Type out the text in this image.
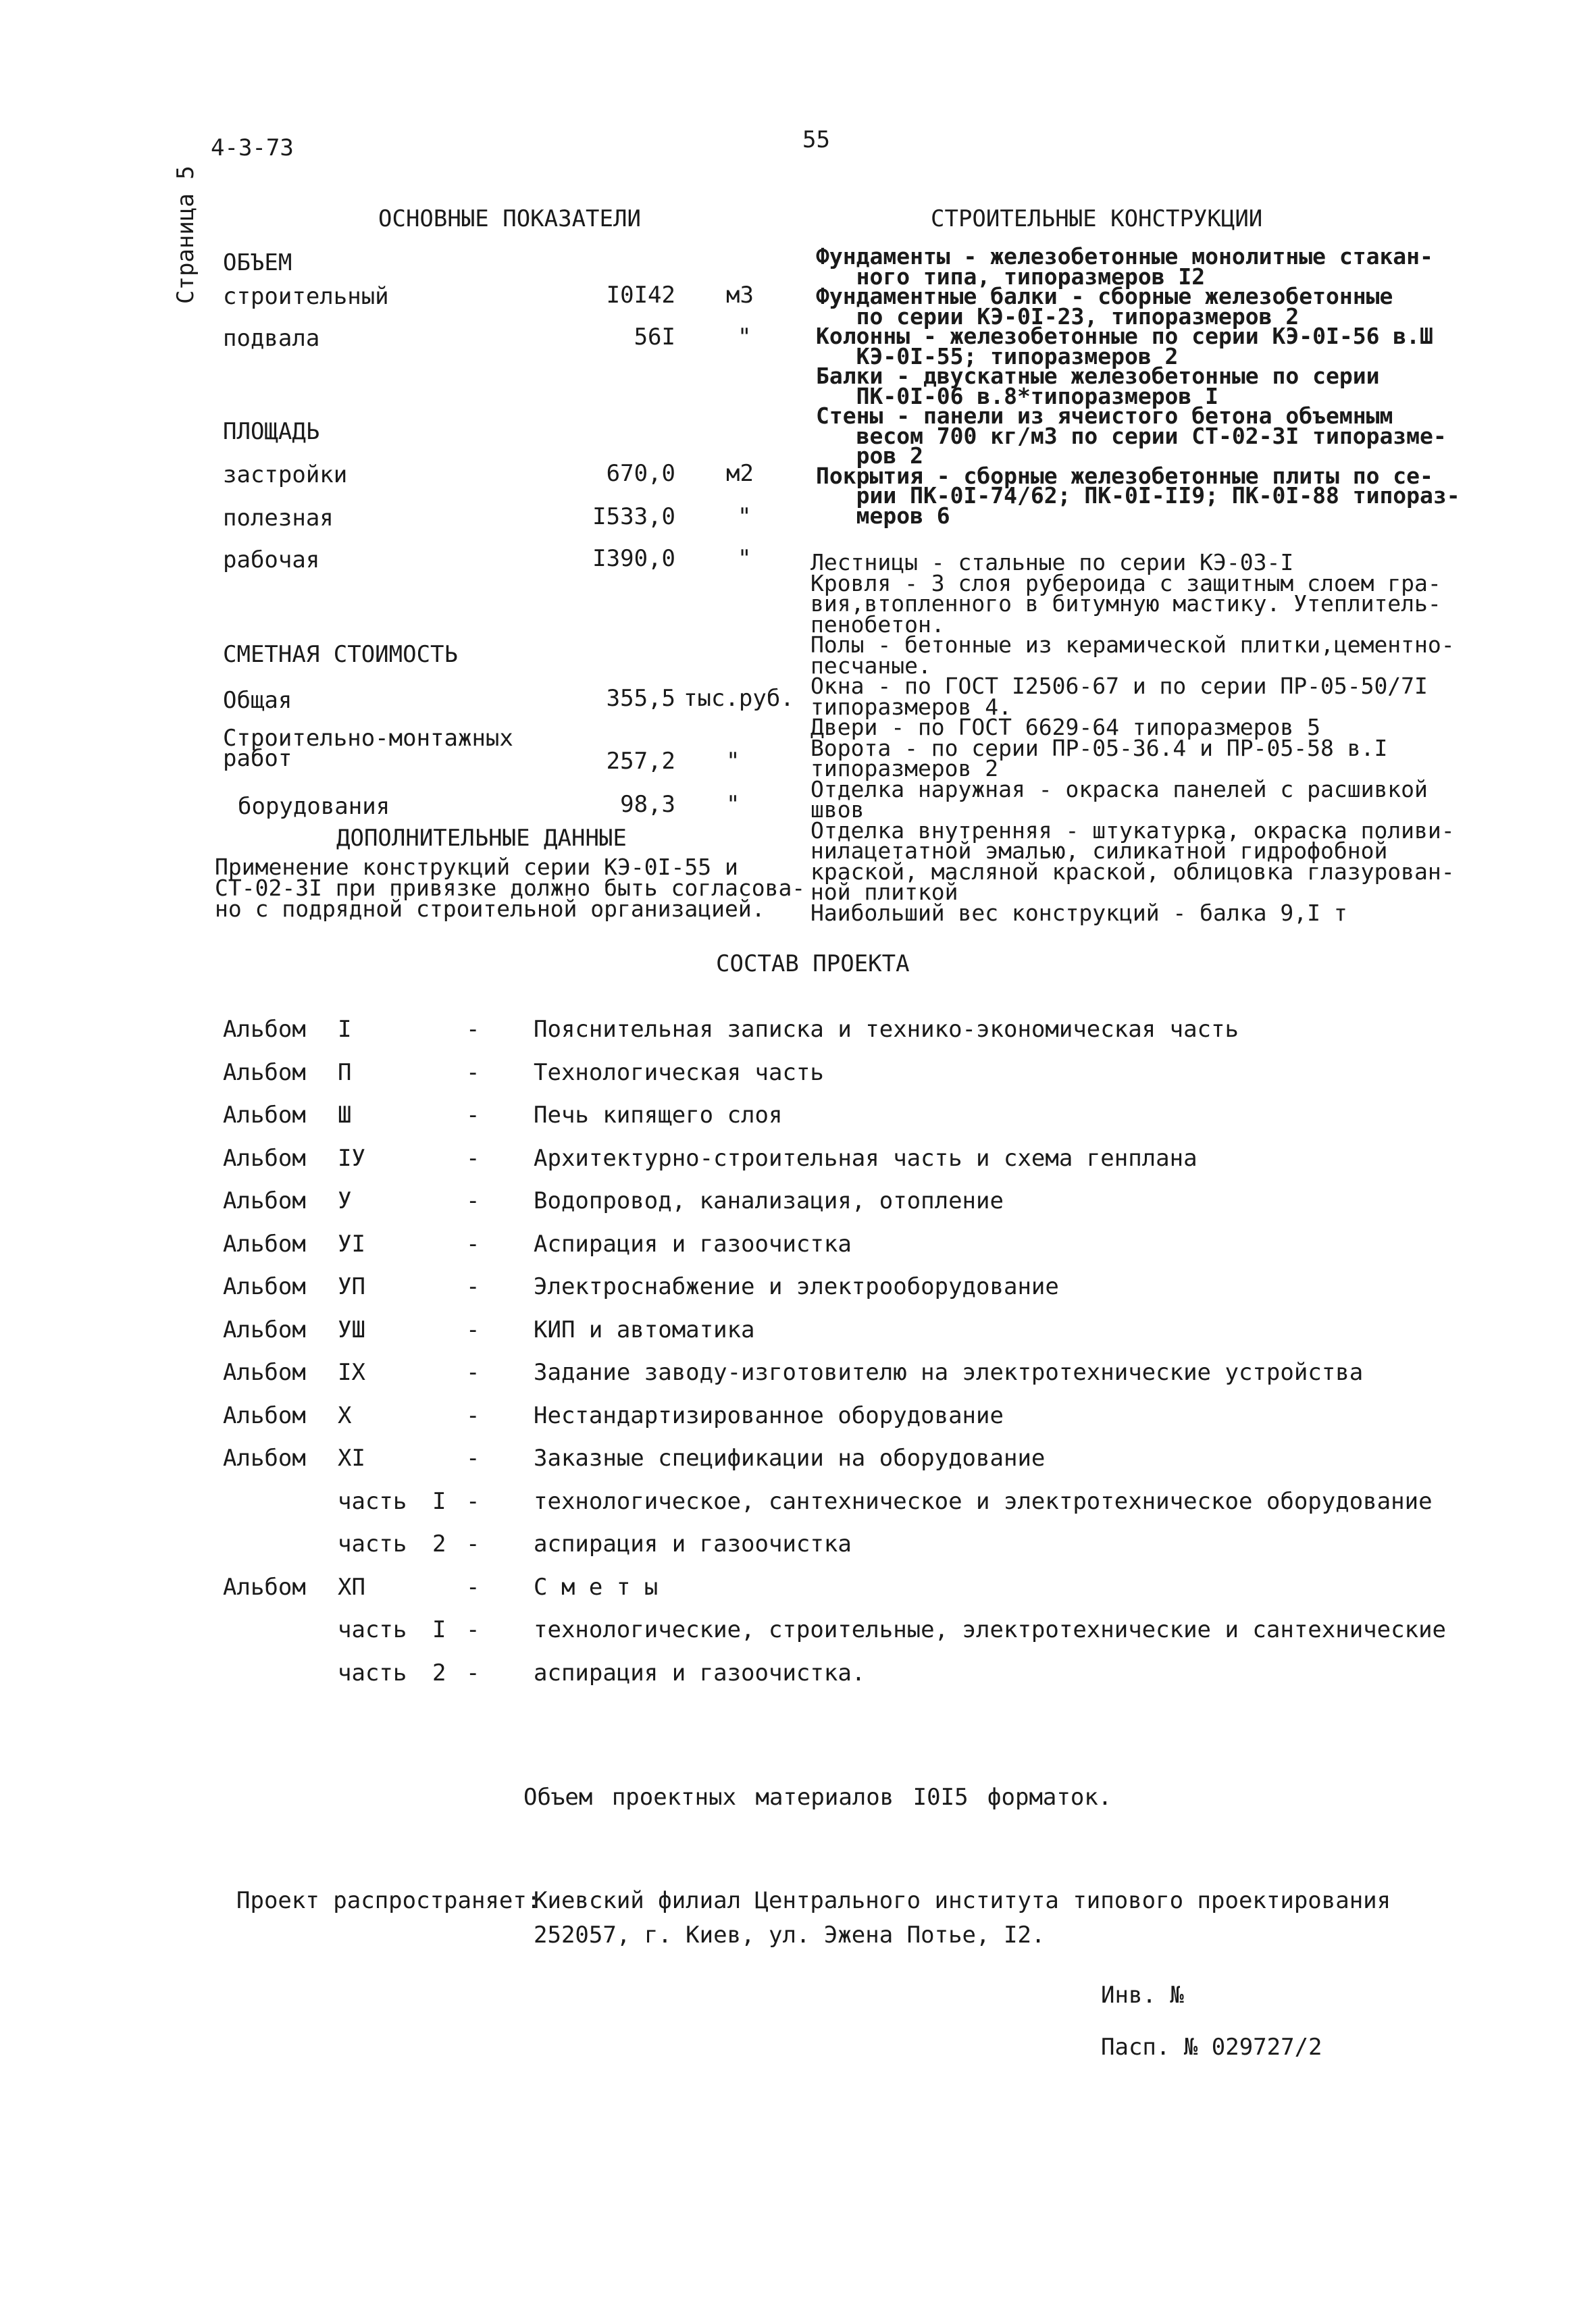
4-3-73	55
Страница 5	ОСНОВНЫЕ ПОКАЗАТЕЛИ
ОБЪЕМ
строительный	I0I42 м3
подвала	56I	"
ПЛОЩАДЬ
застройки	670,0 м2
полезная	I533,0	"
рабочая	I390,0	"
СМЕТНАЯ СТОИМОСТЬ
Общая	355,5 тыс.руб.
Строительно-монтажных
работ	257,2 "
борудования	98,3 "
ДОПОЛНИТЕЛЬНЫЕ ДАННЫЕ
Применение конструкций серии КЭ-0I-55 и
СТ-02-3I при привязке должно быть согласова-
но с подрядной строительной организацией.
СТРОИТЕЛЬНЫЕ КОНСТРУКЦИИ
Фундаменты - железобетонные монолитные стакан-
ного типа, типоразмеров I2
Фундаментные балки - сборные железобетонные
по серии КЭ-0I-23, типоразмеров 2
Колонны - железобетонные по серии КЭ-0I-56 в.Ш
КЭ-0I-55; типоразмеров 2
Балки - двускатные железобетонные по серии
ПК-0I-06 в.8*типоразмеров I
Стены - панели из ячеистого бетона объемным
весом 700 кг/м3 по серии СТ-02-3I типоразме-
ров 2
Покрытия - сборные железобетонные плиты по се-
рии ПК-0I-74/62; ПК-0I-II9; ПК-0I-88 типораз-
меров 6
Лестницы - стальные по серии КЭ-03-I
Кровля - 3 слоя рубероида с защитным слоем гра-
вия,втопленного в битумную мастику. Утеплитель-
пенобетон.
Полы - бетонные из керамической плитки,цементно-
песчаные.
Окна - по ГОСТ I2506-67 и по серии ПР-05-50/7I
типоразмеров 4.
Двери - по ГОСТ 6629-64 типоразмеров 5
Ворота - по серии ПР-05-36.4 и ПР-05-58 в.I
типоразмеров 2
Отделка наружная - окраска панелей с расшивкой
швов
Отделка внутренняя - штукатурка, окраска поливи-
нилацетатной эмалью, силикатной гидрофобной
краской, масляной краской, облицовка глазурован-
ной плиткой
Наибольший вес конструкций - балка 9,I т
СОСТАВ ПРОЕКТА
Альбом I	- Пояснительная записка и технико-экономическая часть
Альбом П	- Технологическая часть
Альбом Ш	- Печь кипящего слоя
Альбом IУ	- Архитектурно-строительная часть и схема генплана
Альбом У	- Водопровод, канализация, отопление
Альбом УI	- Аспирация и газоочистка
Альбом УП	- Электроснабжение и электрооборудование
Альбом УШ	- КИП и автоматика
Альбом IХ	- Задание заводу-изготовителю на электротехнические устройства
Альбом Х	- Нестандартизированное оборудование
Альбом ХI	- Заказные спецификации на оборудование
часть I - технологическое, сантехническое и электротехническое оборудование
часть 2 - аспирация и газоочистка
Альбом ХП	- С м е т ы
часть I - технологические, строительные, электротехнические и сантехнические
часть 2 - аспирация и газоочистка.
Объем проектных материалов I0I5 форматок.
Проект распространяет:
Киевский филиал Центрального института типового проектирования
252057, г. Киев, ул. Эжена Потье, I2.
Инв. №
Пасп. № 029727/2
